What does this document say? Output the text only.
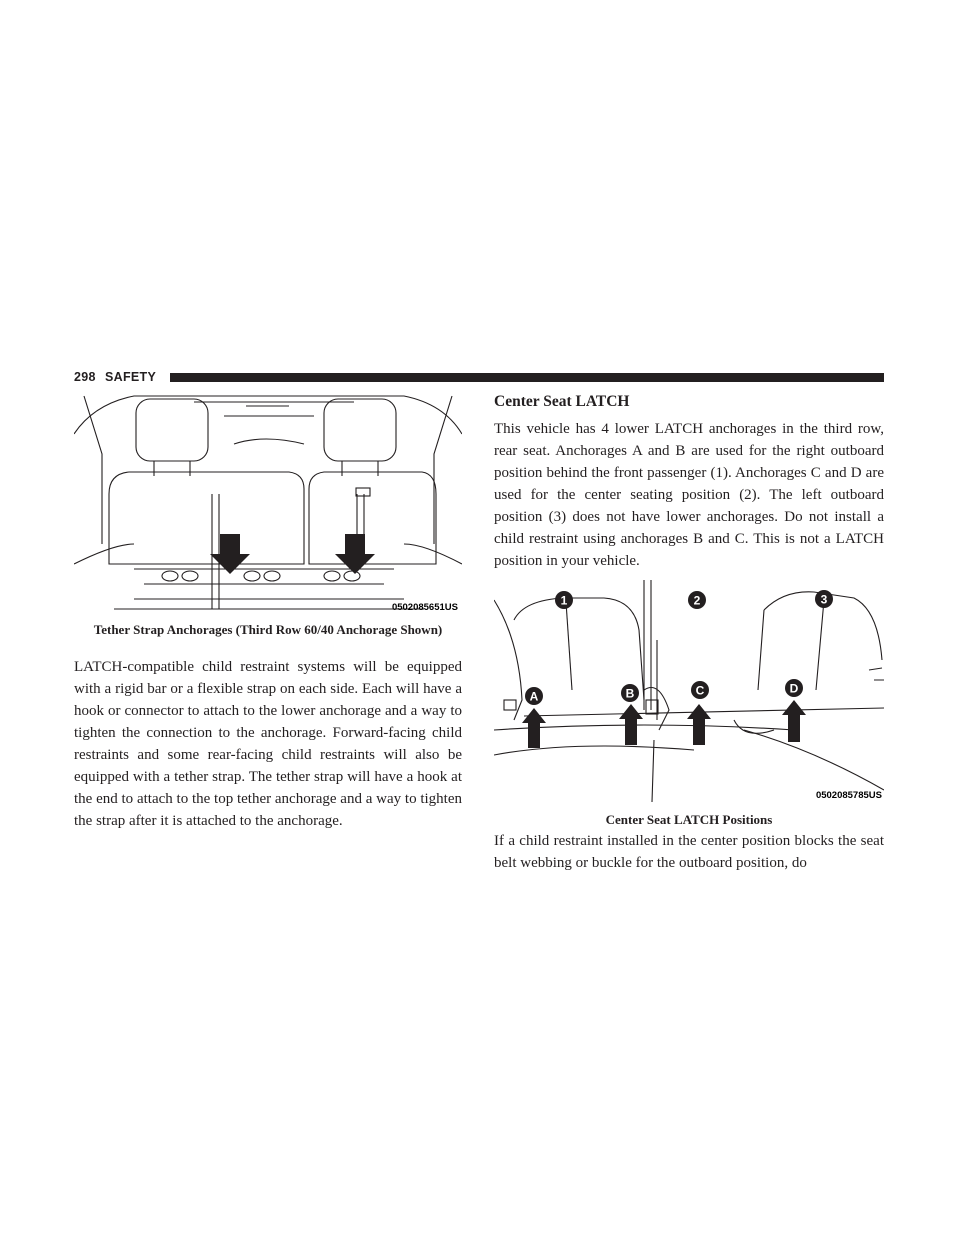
298 SAFETY
0502085651US
Tether Strap Anchorages (Third Row 60/40 Anchorage Shown)

LATCH-compatible child restraint systems will be equipped with a rigid bar or a flexible strap on each side. Each will have a hook or connector to attach to the lower anchorage and a way to tighten the connection to the anchorage. Forward-facing child restraints and some rear-facing child restraints will also be equipped with a tether strap. The tether strap will have a hook at the end to attach to the top tether anchorage and a way to tighten the strap after it is attached to the anchorage.

Center Seat LATCH

This vehicle has 4 lower LATCH anchorages in the third row, rear seat. Anchorages A and B are used for the right outboard position behind the front passenger (1). Anchorages C and D are used for the center seating position (2). The left outboard position (3) does not have lower anchorages. Do not install a child restraint using anchorages B and C. This is not a LATCH position in your vehicle.

1	2	3
A	B	C	D
0502085785US
Center Seat LATCH Positions

If a child restraint installed in the center position blocks the seat belt webbing or buckle for the outboard position, do
